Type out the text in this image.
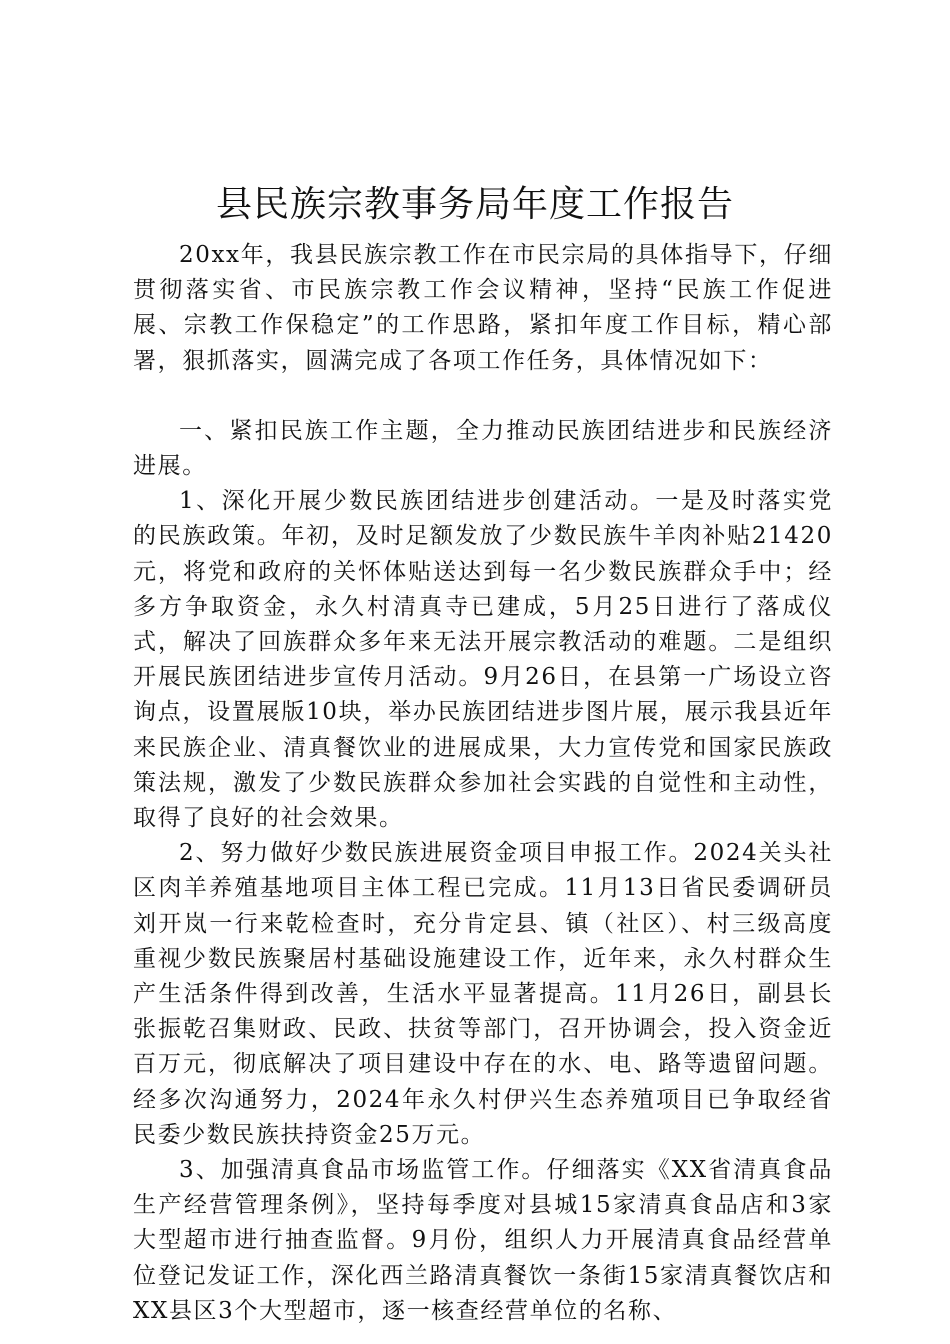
县民族宗教事务局年度工作报告

20xx年，我县民族宗教工作在市民宗局的具体指导下，仔细贯彻落实省、市民族宗教工作会议精神，坚持“民族工作促进展、宗教工作保稳定”的工作思路，紧扣年度工作目标，精心部署，狠抓落实，圆满完成了各项工作任务，具体情况如下：

一、紧扣民族工作主题，全力推动民族团结进步和民族经济进展。

1、深化开展少数民族团结进步创建活动。一是及时落实党的民族政策。年初，及时足额发放了少数民族牛羊肉补贴21420元，将党和政府的关怀体贴送达到每一名少数民族群众手中；经多方争取资金，永久村清真寺已建成，5月25日进行了落成仪式，解决了回族群众多年来无法开展宗教活动的难题。二是组织开展民族团结进步宣传月活动。9月26日，在县第一广场设立咨询点，设置展版10块，举办民族团结进步图片展，展示我县近年来民族企业、清真餐饮业的进展成果，大力宣传党和国家民族政策法规，激发了少数民族群众参加社会实践的自觉性和主动性，取得了良好的社会效果。

2、努力做好少数民族进展资金项目申报工作。2024关头社区肉羊养殖基地项目主体工程已完成。11月13日省民委调研员刘开岚一行来乾检查时，充分肯定县、镇（社区）、村三级高度重视少数民族聚居村基础设施建设工作，近年来，永久村群众生产生活条件得到改善，生活水平显著提高。11月26日，副县长张振乾召集财政、民政、扶贫等部门，召开协调会，投入资金近百万元，彻底解决了项目建设中存在的水、电、路等遗留问题。经多次沟通努力，2024年永久村伊兴生态养殖项目已争取经省民委少数民族扶持资金25万元。

3、加强清真食品市场监管工作。仔细落实《XX省清真食品生产经营管理条例》，坚持每季度对县城15家清真食品店和3家大型超市进行抽查监督。9月份，组织人力开展清真食品经营单位登记发证工作，深化西兰路清真餐饮一条街15家清真餐饮店和XX县区3个大型超市，逐一核查经营单位的名称、
